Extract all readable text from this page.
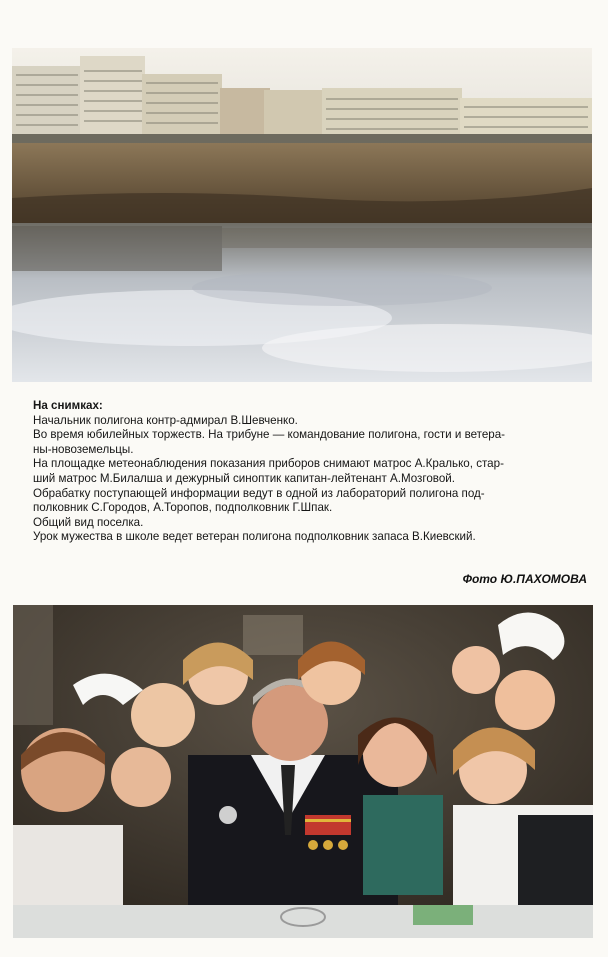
На снимках:

Начальник полигона контр-адмирал В.Шевченко.

Во время юбилейных торжеств. На трибуне — командование полигона, гости и ветера-

ны-новоземельцы.

На площадке метеонаблюдения показания приборов снимают матрос А.Кралько, стар-

ший матрос М.Билалша и дежурный синоптик капитан-лейтенант А.Мозговой.

Обрабатку поступающей информации ведут в одной из лабораторий полигона под-

полковник С.Городов, А.Торопов, подполковник Г.Шпак.

Общий вид поселка.

Урок мужества в школе ведет ветеран полигона подполковник запаса В.Киевский.

Фото Ю.ПАХОМОВА
